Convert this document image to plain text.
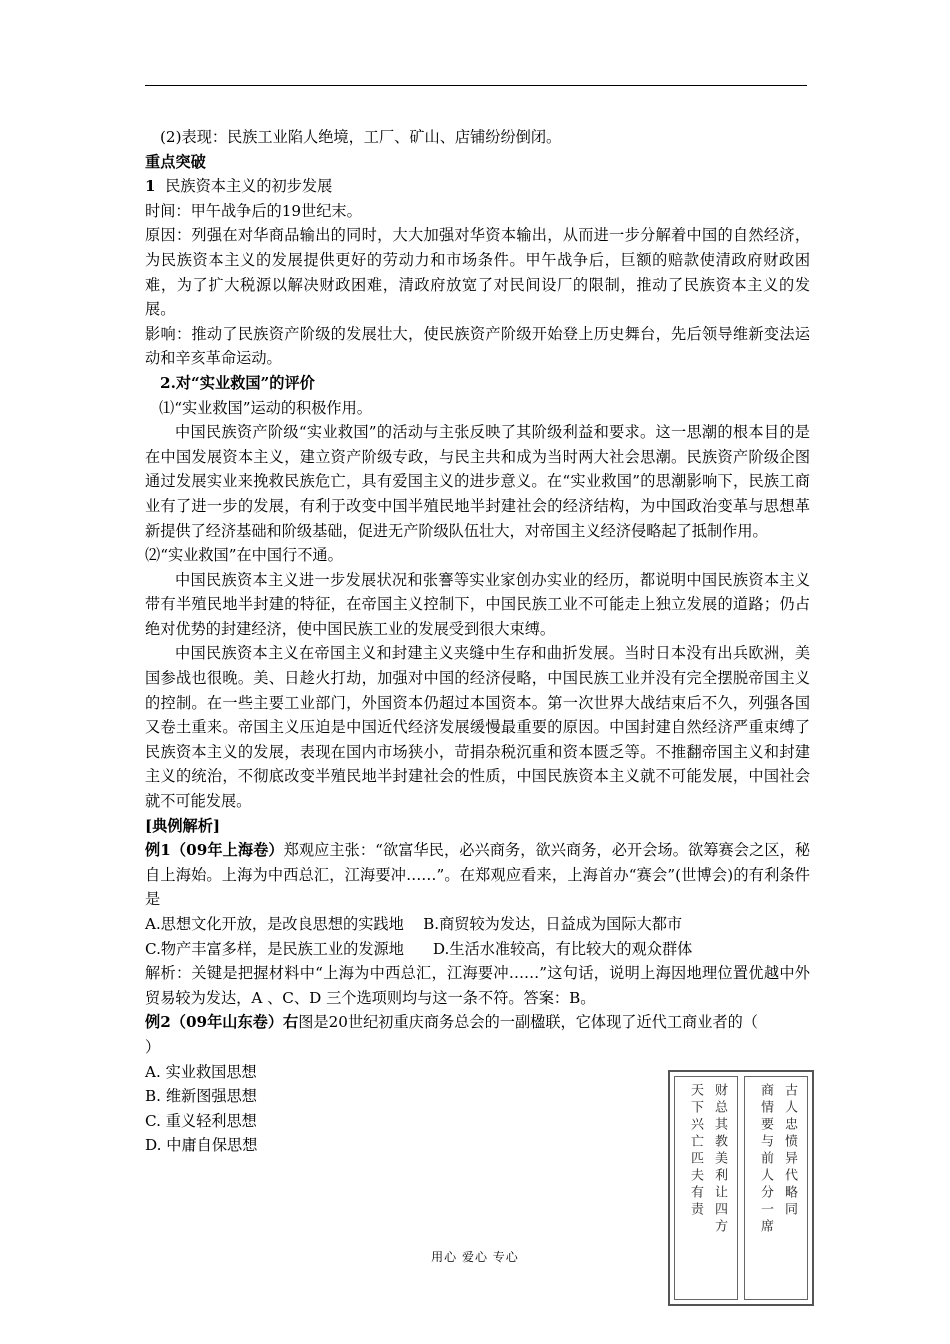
(2)表现：民族工业陷人绝境，工厂、矿山、店铺纷纷倒闭。

重点突破

1 民族资本主义的初步发展

时间：甲午战争后的19世纪末。

原因：列强在对华商品输出的同时，大大加强对华资本输出，从而进一步分解着中国的自然经济，为民族资本主义的发展提供更好的劳动力和市场条件。甲午战争后，巨额的赔款使清政府财政困难，为了扩大税源以解决财政困难，清政府放宽了对民间设厂的限制，推动了民族资本主义的发展。

影响：推动了民族资产阶级的发展壮大，使民族资产阶级开始登上历史舞台，先后领导维新变法运动和辛亥革命运动。

2.对“实业救国”的评价

⑴“实业救国”运动的积极作用。

中国民族资产阶级“实业救国”的活动与主张反映了其阶级利益和要求。这一思潮的根本目的是在中国发展资本主义，建立资产阶级专政，与民主共和成为当时两大社会思潮。民族资产阶级企图通过发展实业来挽救民族危亡，具有爱国主义的进步意义。在“实业救国”的思潮影响下，民族工商业有了进一步的发展，有利于改变中国半殖民地半封建社会的经济结构，为中国政治变革与思想革新提供了经济基础和阶级基础，促进无产阶级队伍壮大，对帝国主义经济侵略起了抵制作用。

⑵“实业救国”在中国行不通。

中国民族资本主义进一步发展状况和张謇等实业家创办实业的经历，都说明中国民族资本主义带有半殖民地半封建的特征，在帝国主义控制下，中国民族工业不可能走上独立发展的道路；仍占绝对优势的封建经济，使中国民族工业的发展受到很大束缚。

中国民族资本主义在帝国主义和封建主义夹缝中生存和曲折发展。当时日本没有出兵欧洲，美国参战也很晚。美、日趁火打劫，加强对中国的经济侵略，中国民族工业并没有完全摆脱帝国主义的控制。在一些主要工业部门，外国资本仍超过本国资本。第一次世界大战结束后不久，列强各国又卷土重来。帝国主义压迫是中国近代经济发展缓慢最重要的原因。中国封建自然经济严重束缚了民族资本主义的发展，表现在国内市场狭小，苛捐杂税沉重和资本匮乏等。不推翻帝国主义和封建主义的统治，不彻底改变半殖民地半封建社会的性质，中国民族资本主义就不可能发展，中国社会就不可能发展。

[典例解析]

例1（09年上海卷）郑观应主张：“欲富华民，必兴商务，欲兴商务，必开会场。欲筹赛会之区，秘自上海始。上海为中西总汇，江海要冲……”。在郑观应看来，上海首办“赛会”(世博会)的有利条件是

A.思想文化开放，是改良思想的实践地    B.商贸较为发达，日益成为国际大都市

C.物产丰富多样，是民族工业的发源地      D.生活水准较高，有比较大的观众群体

解析：关键是把握材料中“上海为中西总汇，江海要冲……”这句话，说明上海因地理位置优越中外贸易较为发达，A 、C、D 三个选项则均与这一条不符。答案：B。

例2（09年山东卷）右图是20世纪初重庆商务总会的一副楹联，它体现了近代工商业者的（

）

A. 实业救国思想

B. 维新图强思想

C. 重义轻利思想

D. 中庸自保思想	天下兴亡匹夫有责
财总其教美利让四方
商情要与前人分一席 古人忠愤异代略同
用心 爱心 专心
